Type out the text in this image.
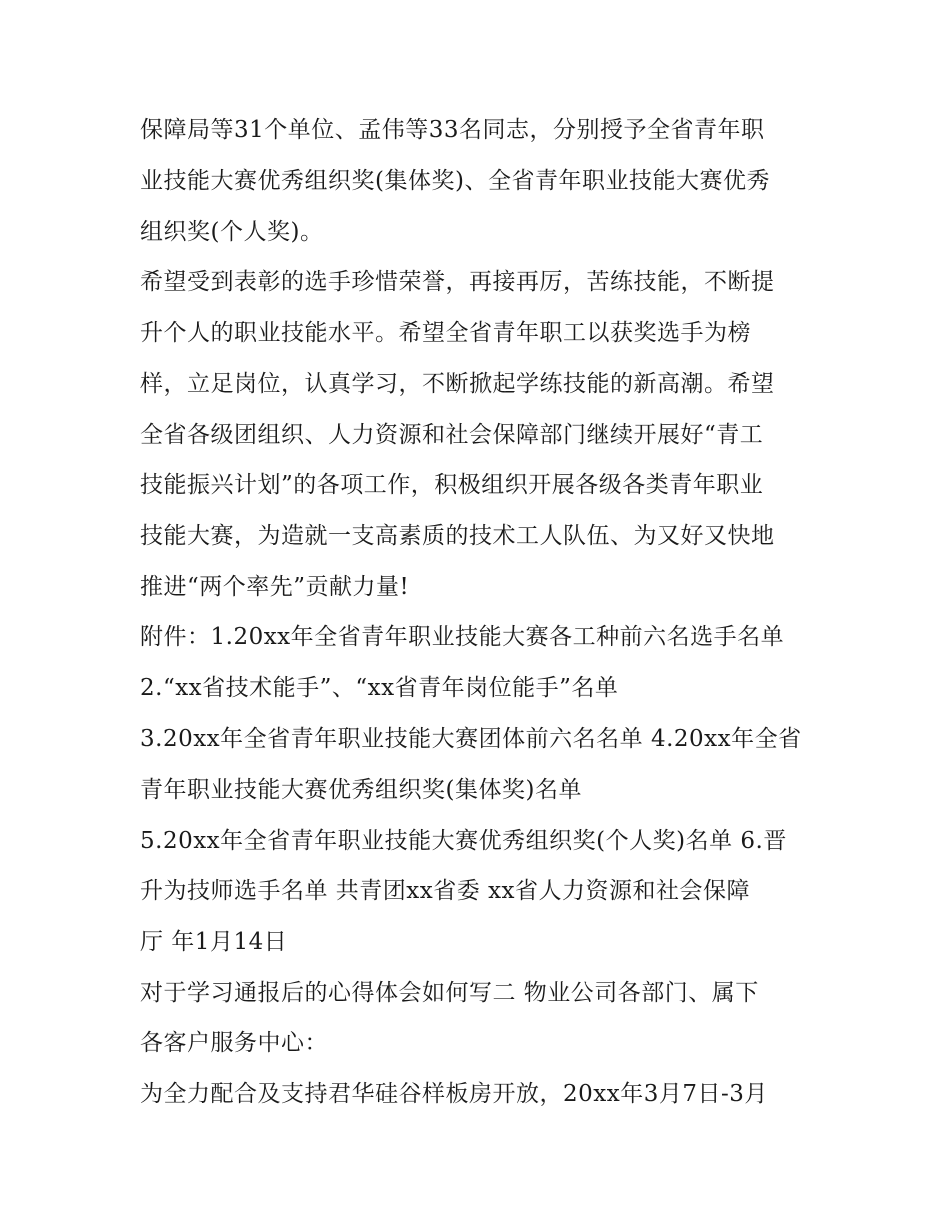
保障局等31个单位、孟伟等33名同志，分别授予全省青年职
业技能大赛优秀组织奖(集体奖)、全省青年职业技能大赛优秀
组织奖(个人奖)。
希望受到表彰的选手珍惜荣誉，再接再厉，苦练技能，不断提
升个人的职业技能水平。希望全省青年职工以获奖选手为榜
样，立足岗位，认真学习，不断掀起学练技能的新高潮。希望
全省各级团组织、人力资源和社会保障部门继续开展好“青工
技能振兴计划”的各项工作，积极组织开展各级各类青年职业
技能大赛，为造就一支高素质的技术工人队伍、为又好又快地
推进“两个率先”贡献力量!
附件：1.20xx年全省青年职业技能大赛各工种前六名选手名单
2.“xx省技术能手”、“xx省青年岗位能手”名单
3.20xx年全省青年职业技能大赛团体前六名名单 4.20xx年全省
青年职业技能大赛优秀组织奖(集体奖)名单
5.20xx年全省青年职业技能大赛优秀组织奖(个人奖)名单 6.晋
升为技师选手名单 共青团xx省委 xx省人力资源和社会保障
厅 年1月14日
对于学习通报后的心得体会如何写二 物业公司各部门、属下
各客户服务中心：
为全力配合及支持君华硅谷样板房开放，20xx年3月7日-3月
